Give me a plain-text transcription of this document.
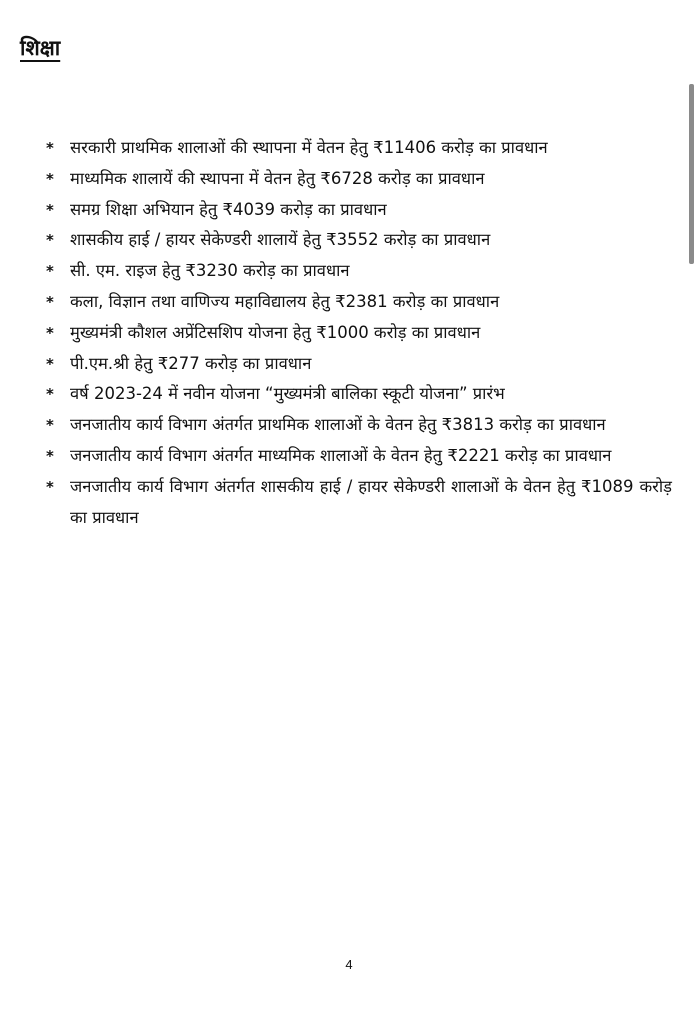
शिक्षा
* सरकारी प्राथमिक शालाओं की स्थापना में वेतन हेतु ₹11406 करोड़ का प्रावधान
* माध्यमिक शालायें की स्थापना में वेतन हेतु ₹6728 करोड़ का प्रावधान
* समग्र शिक्षा अभियान हेतु ₹4039 करोड़ का प्रावधान
* शासकीय हाई / हायर सेकेण्डरी शालायें हेतु ₹3552 करोड़ का प्रावधान
* सी. एम. राइज हेतु ₹3230 करोड़ का प्रावधान
* कला, विज्ञान तथा वाणिज्य महाविद्यालय हेतु ₹2381 करोड़ का प्रावधान
* मुख्यमंत्री कौशल अप्रेंटिसशिप योजना हेतु ₹1000 करोड़ का प्रावधान
* पी.एम.श्री हेतु ₹277 करोड़ का प्रावधान
* वर्ष 2023-24 में नवीन योजना “मुख्यमंत्री बालिका स्कूटी योजना” प्रारंभ
* जनजातीय कार्य विभाग अंतर्गत प्राथमिक शालाओं के वेतन हेतु ₹3813 करोड़ का प्रावधान
* जनजातीय कार्य विभाग अंतर्गत माध्यमिक शालाओं के वेतन हेतु ₹2221 करोड़ का प्रावधान
* जनजातीय कार्य विभाग अंतर्गत शासकीय हाई / हायर सेकेण्डरी शालाओं के वेतन हेतु ₹1089 करोड़ का प्रावधान
4
